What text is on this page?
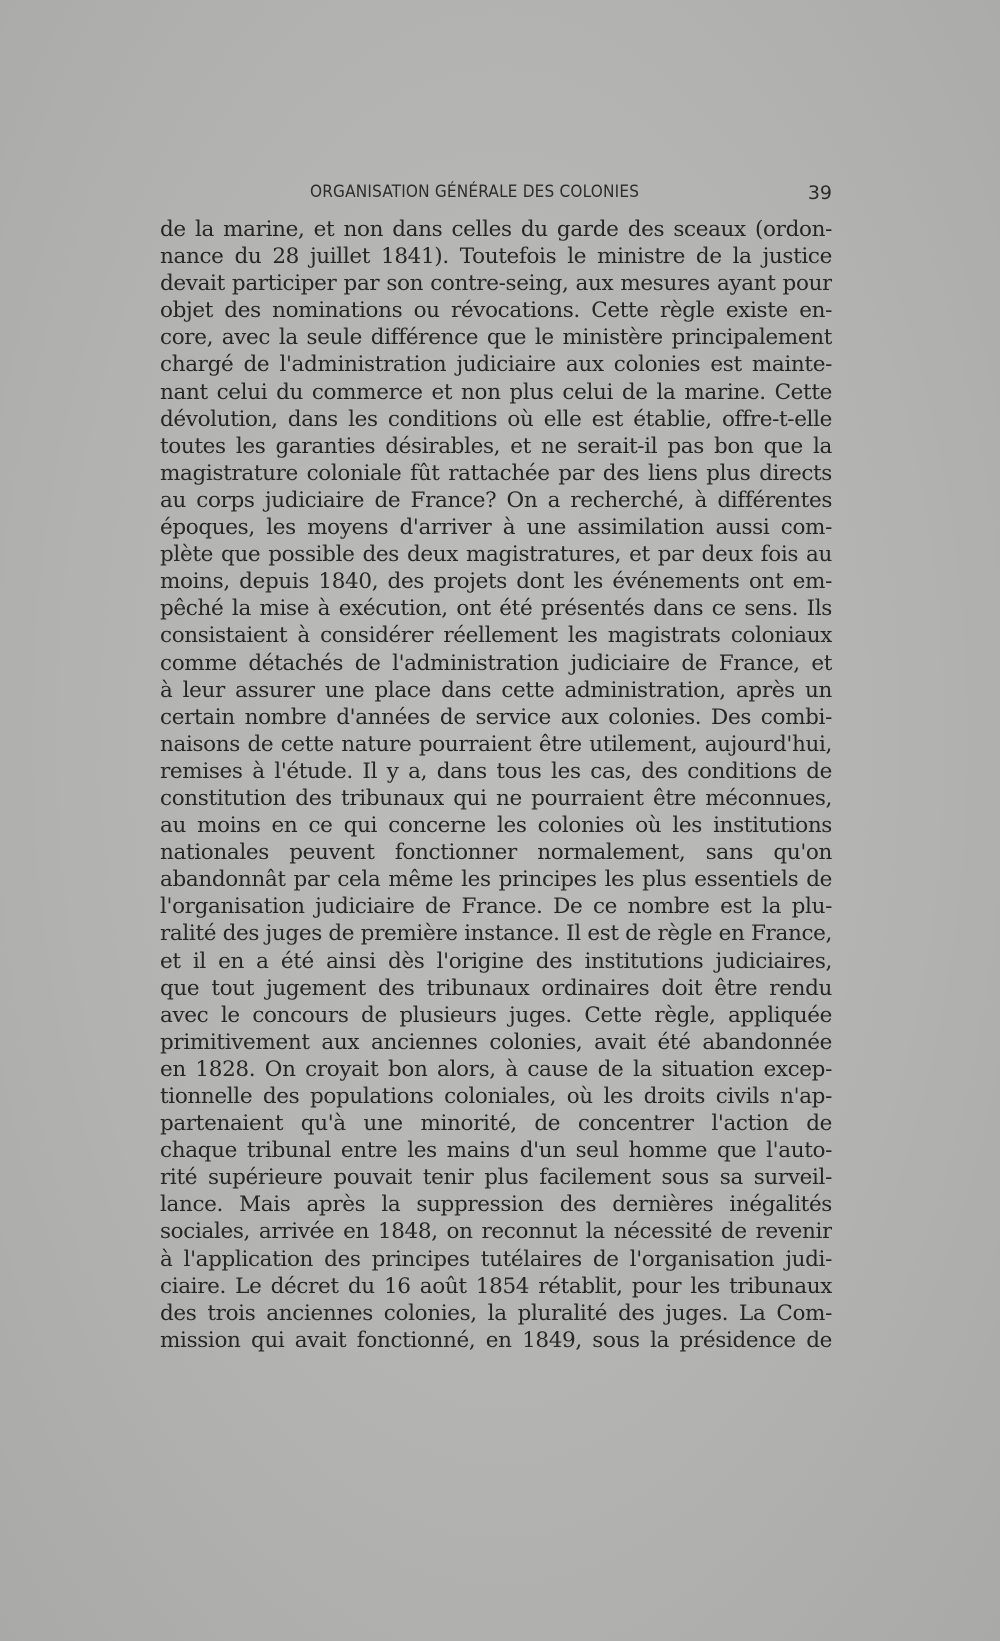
ORGANISATION GÉNÉRALE DES COLONIES	39
de la marine, et non dans celles du garde des sceaux (ordon-
nance du 28 juillet 1841). Toutefois le ministre de la justice
devait participer par son contre-seing, aux mesures ayant pour
objet des nominations ou révocations. Cette règle existe en-
core, avec la seule différence que le ministère principalement
chargé de l'administration judiciaire aux colonies est mainte-
nant celui du commerce et non plus celui de la marine. Cette
dévolution, dans les conditions où elle est établie, offre-t-elle
toutes les garanties désirables, et ne serait-il pas bon que la
magistrature coloniale fût rattachée par des liens plus directs
au corps judiciaire de France? On a recherché, à différentes
époques, les moyens d'arriver à une assimilation aussi com-
plète que possible des deux magistratures, et par deux fois au
moins, depuis 1840, des projets dont les événements ont em-
pêché la mise à exécution, ont été présentés dans ce sens. Ils
consistaient à considérer réellement les magistrats coloniaux
comme détachés de l'administration judiciaire de France, et
à leur assurer une place dans cette administration, après un
certain nombre d'années de service aux colonies. Des combi-
naisons de cette nature pourraient être utilement, aujourd'hui,
remises à l'étude. Il y a, dans tous les cas, des conditions de
constitution des tribunaux qui ne pourraient être méconnues,
au moins en ce qui concerne les colonies où les institutions
nationales peuvent fonctionner normalement, sans qu'on
abandonnât par cela même les principes les plus essentiels de
l'organisation judiciaire de France. De ce nombre est la plu-
ralité des juges de première instance. Il est de règle en France,
et il en a été ainsi dès l'origine des institutions judiciaires,
que tout jugement des tribunaux ordinaires doit être rendu
avec le concours de plusieurs juges. Cette règle, appliquée
primitivement aux anciennes colonies, avait été abandonnée
en 1828. On croyait bon alors, à cause de la situation excep-
tionnelle des populations coloniales, où les droits civils n'ap-
partenaient qu'à une minorité, de concentrer l'action de
chaque tribunal entre les mains d'un seul homme que l'auto-
rité supérieure pouvait tenir plus facilement sous sa surveil-
lance. Mais après la suppression des dernières inégalités
sociales, arrivée en 1848, on reconnut la nécessité de revenir
à l'application des principes tutélaires de l'organisation judi-
ciaire. Le décret du 16 août 1854 rétablit, pour les tribunaux
des trois anciennes colonies, la pluralité des juges. La Com-
mission qui avait fonctionné, en 1849, sous la présidence de
